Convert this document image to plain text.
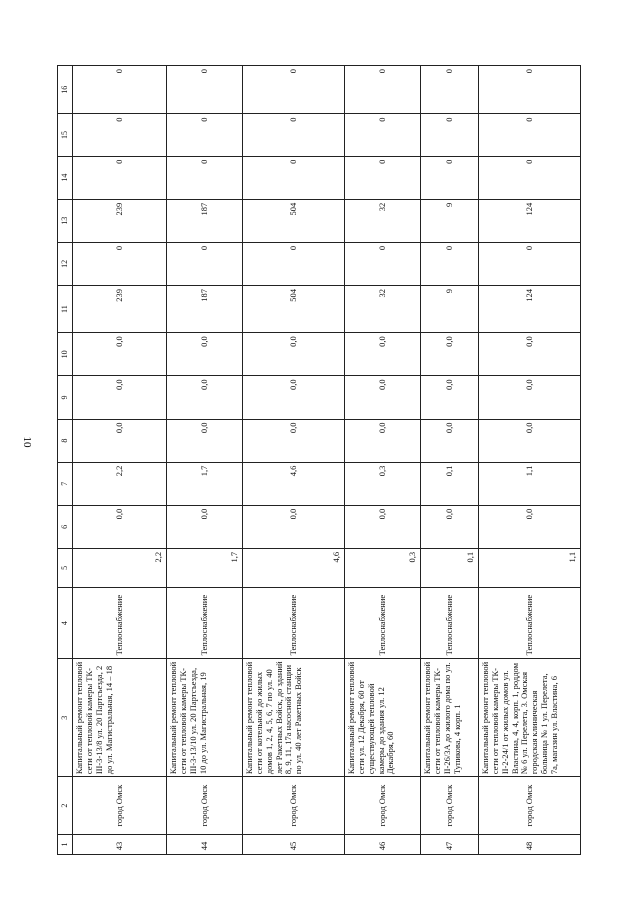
10
1	2	3	4	5	6	7	8	9	10	11	12	13	14	15	16
43	город Омск	Капитальный ремонт тепловой сети от тепловой камеры ТК-III-3-13/8 ул. 20 Партсъезда, 2 до ул. Магистральная, 14 – 18	Теплоснабжение	2,2	0,0	2,2	0,0	0,0	0,0	239	0	239	0	0	0
44	город Омск	Капитальный ремонт тепловой сети от тепловой камеры ТК-III-3-13/10 ул. 20 Партсъезда, 10 до ул. Магистральная, 19	Теплоснабжение	1,7	0,0	1,7	0,0	0,0	0,0	187	0	187	0	0	0
45	город Омск	Капитальный ремонт тепловой сети от котельной до жилых домов 1, 2, 4, 5, 6, 7 по ул. 40 лет Ракетных Войск, до зданий 8, 9, 11, 17а насосной станции по ул. 40 лет Ракетных Войск	Теплоснабжение	4,6	0,0	4,6	0,0	0,0	0,0	504	0	504	0	0	0
46	город Омск	Капитальный ремонт тепловой сети ул. 12 Декабря, 60 от существующей тепловой камеры до здания ул. 12 Декабря, 60	Теплоснабжение	0,3	0,0	0,3	0,0	0,0	0,0	32	0	32	0	0	0
47	город Омск	Капитальный ремонт тепловой сети от тепловой камеры ТК-II-26/3А до жилого дома по ул. Тупикова, 4 корп. 1	Теплоснабжение	0,1	0,0	0,1	0,0	0,0	0,0	9	0	9	0	0	0
48	город Омск	Капитальный ремонт тепловой сети от тепловой камеры ТК-II-2-24/1 от жилых домов ул. Властина, 4, 4, корп. 1, роддом № 6 ул. Перелета, 3. Омская городская клиническая больница № 1 ул. Перелета, 7а, магазин ул. Властина, 6	Теплоснабжение	1,1	0,0	1,1	0,0	0,0	0,0	124	0	124	0	0	0
